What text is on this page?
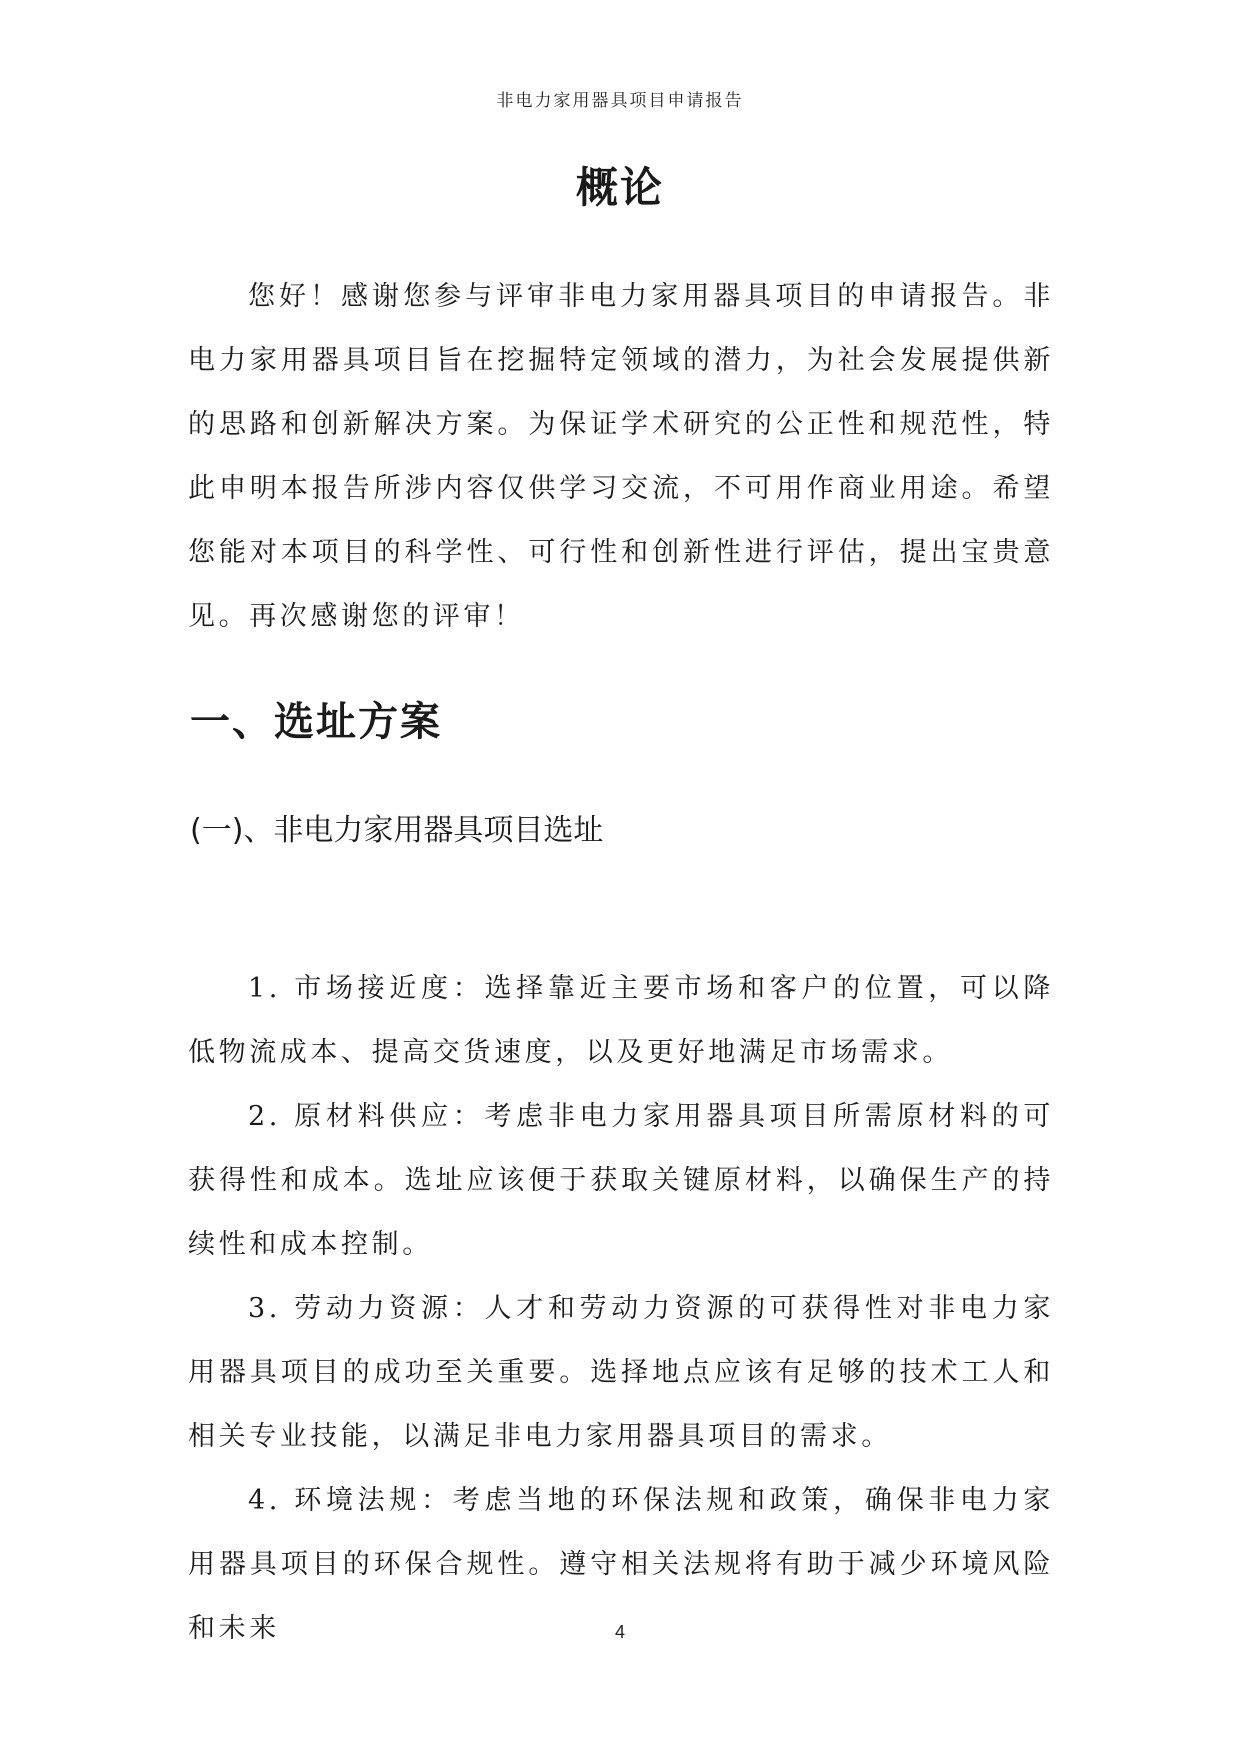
非电力家用器具项目申请报告
概论

您好！感谢您参与评审非电力家用器具项目的申请报告。非电力家用器具项目旨在挖掘特定领域的潜力，为社会发展提供新的思路和创新解决方案。为保证学术研究的公正性和规范性，特此申明本报告所涉内容仅供学习交流，不可用作商业用途。希望您能对本项目的科学性、可行性和创新性进行评估，提出宝贵意见。再次感谢您的评审！

一、选址方案
(一)、非电力家用器具项目选址

1. 市场接近度：选择靠近主要市场和客户的位置，可以降低物流成本、提高交货速度，以及更好地满足市场需求。

2. 原材料供应：考虑非电力家用器具项目所需原材料的可获得性和成本。选址应该便于获取关键原材料，以确保生产的持续性和成本控制。

3. 劳动力资源：人才和劳动力资源的可获得性对非电力家用器具项目的成功至关重要。选择地点应该有足够的技术工人和相关专业技能，以满足非电力家用器具项目的需求。

4. 环境法规：考虑当地的环保法规和政策，确保非电力家用器具项目的环保合规性。遵守相关法规将有助于减少环境风险和未来	4
